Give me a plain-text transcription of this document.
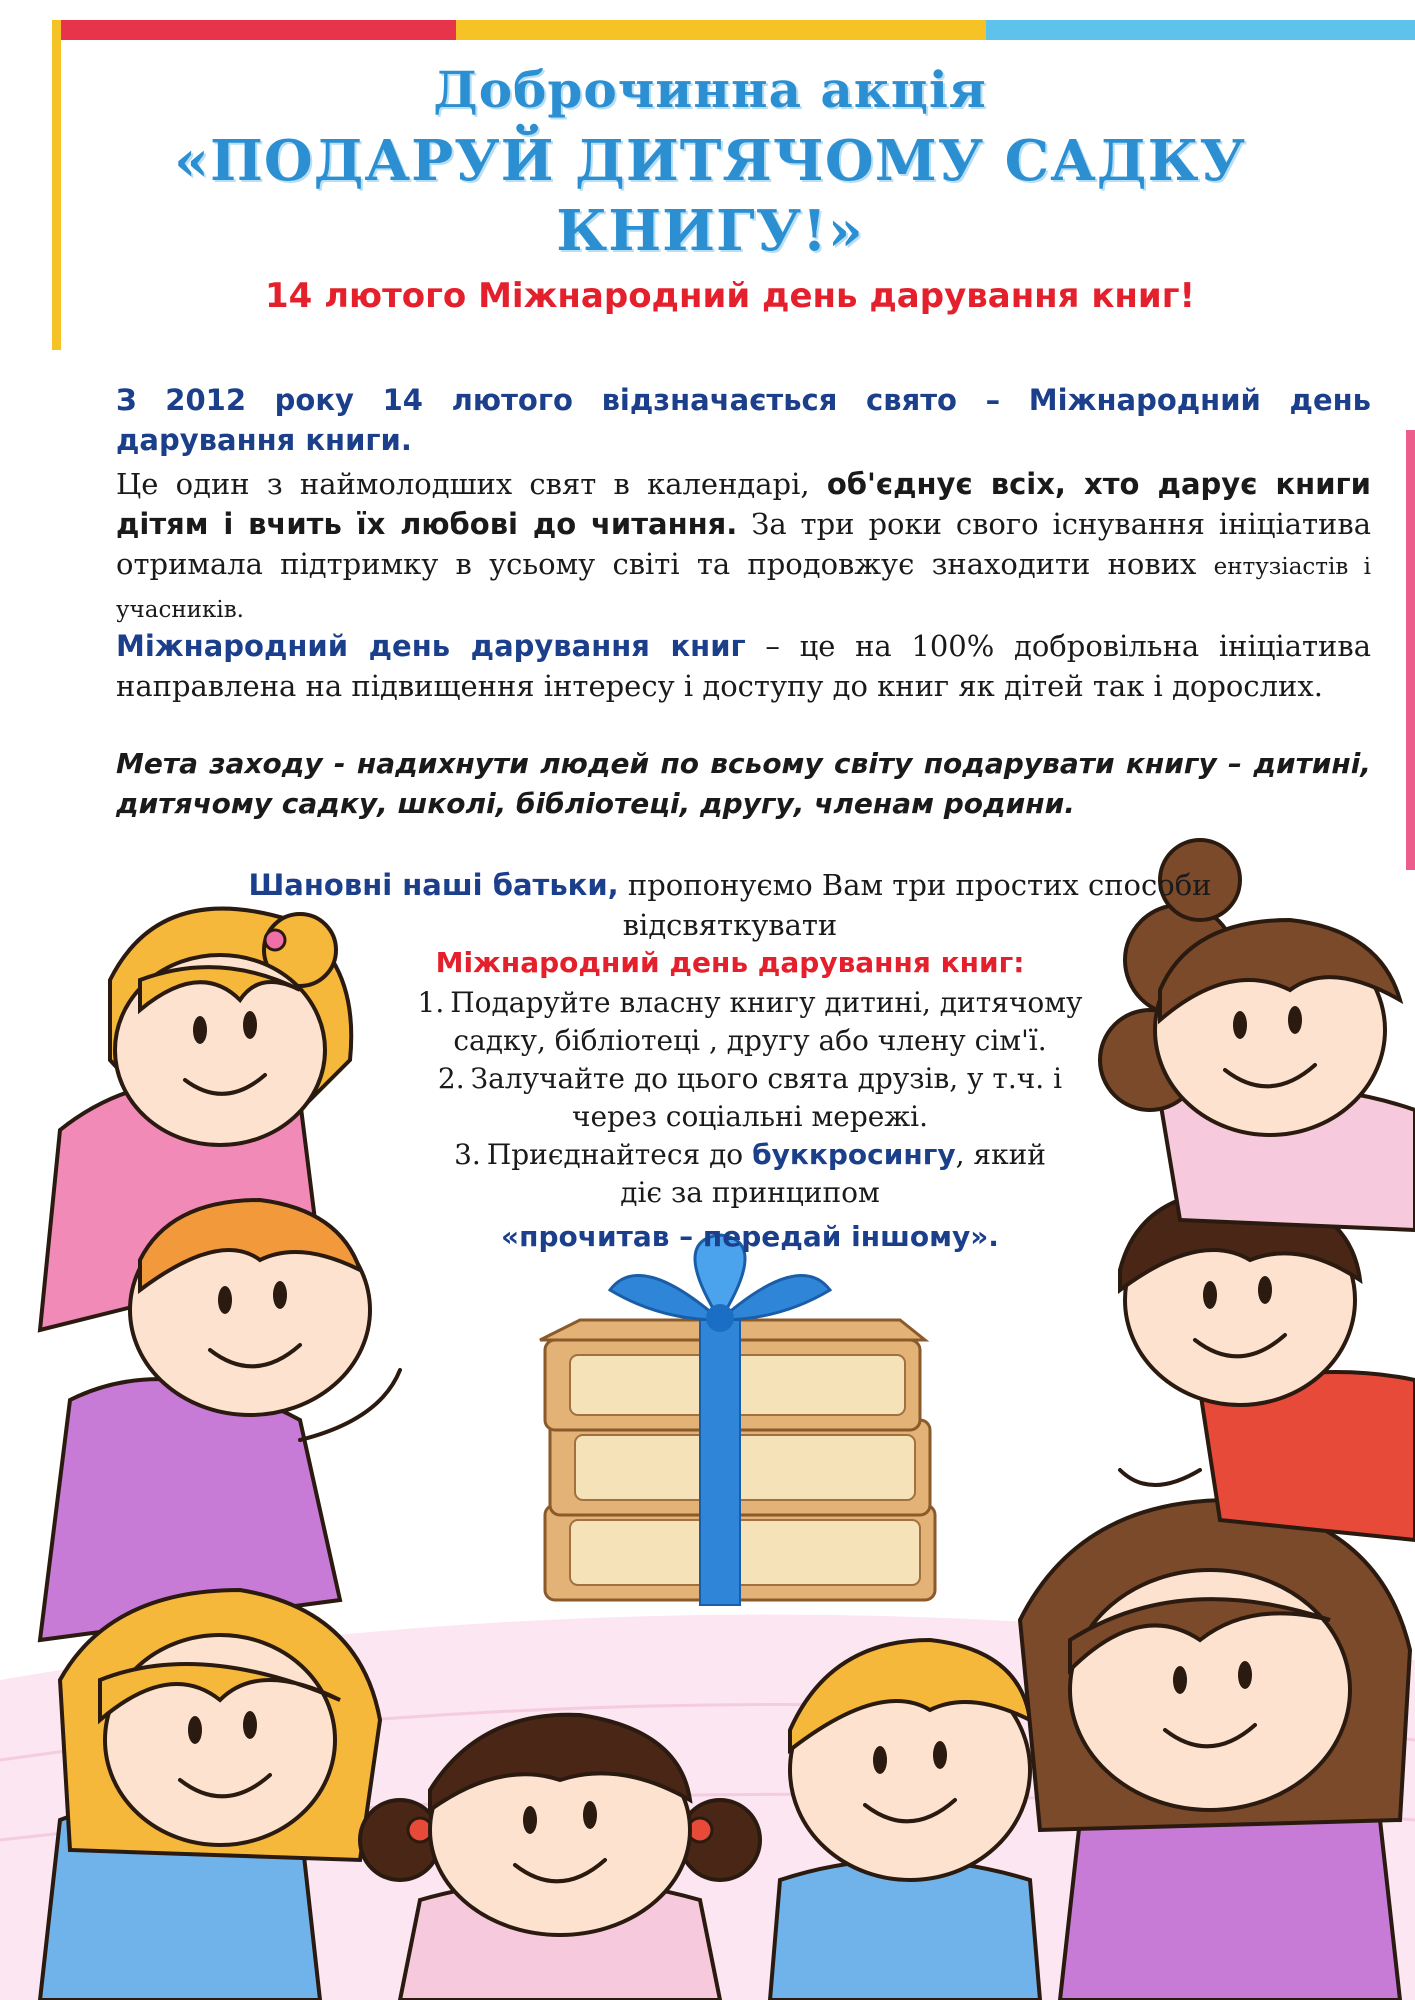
Доброчинна акція
«ПОДАРУЙ ДИТЯЧОМУ САДКУ
КНИГУ!»
14 лютого Міжнародний день дарування книг!
З 2012 року 14 лютого відзначається свято – Міжнародний день дарування книги.
Це один з наймолодших свят в календарі, об'єднує всіх, хто дарує книги дітям і вчить їх любові до читання. За три роки свого існування ініціатива отримала підтримку в усьому світі та продовжує знаходити нових ентузіастів і учасників.
Міжнародний день дарування книг – це на 100% добровільна ініціатива направлена на підвищення інтересу і доступу до книг як дітей так і дорослих.
Мета заходу - надихнути людей по всьому світу подарувати книгу – дитині, дитячому садку, школі, бібліотеці, другу, членам родини.
Шановні наші батьки, пропонуємо Вам три простих способи
відсвяткувати
Міжнародний день дарування книг:

1. Подаруйте власну книгу дитині, дитячому

садку, бібліотеці , другу або члену сім'ї.

2. Залучайте до цього свята друзів, у т.ч. і

через соціальні мережі.

3. Приєднайтеся до буккросингу, який

діє за принципом

«прочитав – передай іншому».
